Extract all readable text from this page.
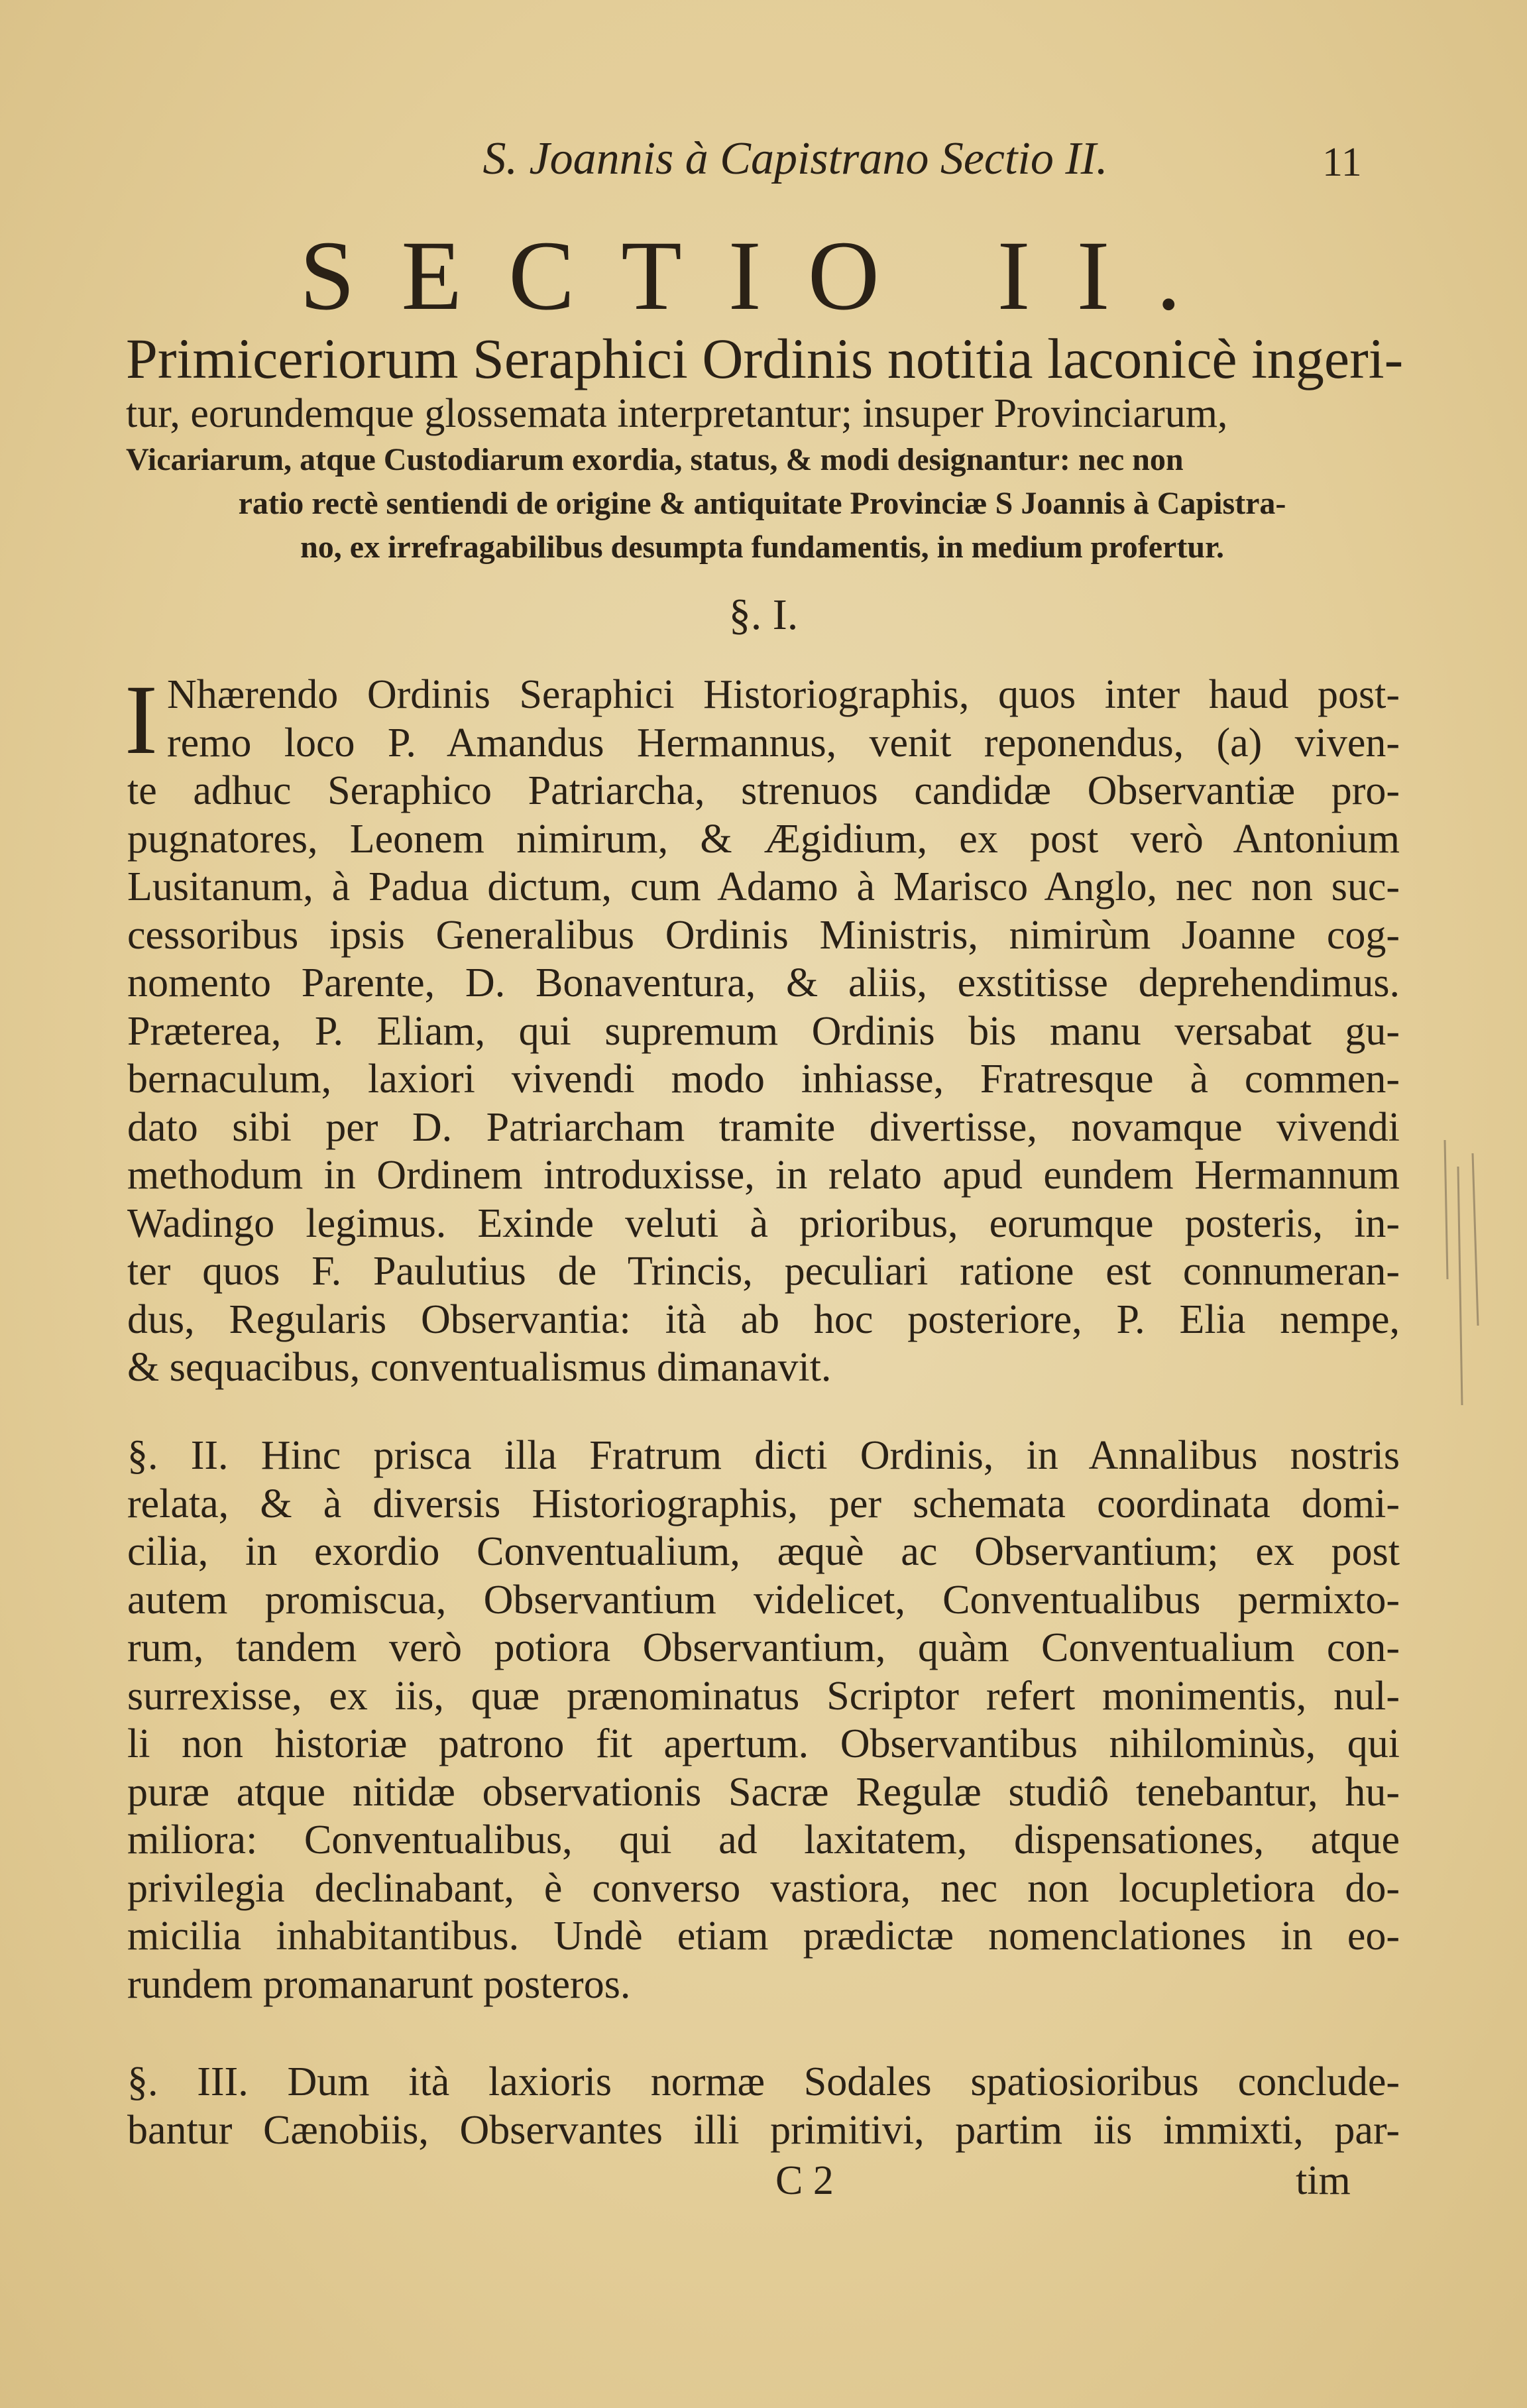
S. Joannis à Capistrano Sectio II.	11
SECTIO II.
Primiceriorum Seraphici Ordinis notitia laconicè ingeri-
tur, eorundemque glossemata interpretantur; insuper Provinciarum,
Vicariarum, atque Custodiarum exordia, status, & modi designantur: nec non
ratio rectè sentiendi de origine & antiquitate Provinciæ S Joannis à Capistra-
no, ex irrefragabilibus desumpta fundamentis, in medium profertur.
§. I.
I Nhærendo Ordinis Seraphici Historiographis, quos inter haud post-
remo loco P. Amandus Hermannus, venit reponendus, (a) viven-
te adhuc Seraphico Patriarcha, strenuos candidæ Observantiæ pro-
pugnatores, Leonem nimirum, & Ægidium, ex post verò Antonium
Lusitanum, à Padua dictum, cum Adamo à Marisco Anglo, nec non suc-
cessoribus ipsis Generalibus Ordinis Ministris, nimirùm Joanne cog-
nomento Parente, D. Bonaventura, & aliis, exstitisse deprehendimus.
Præterea, P. Eliam, qui supremum Ordinis bis manu versabat gu-
bernaculum, laxiori vivendi modo inhiasse, Fratresque à commen-
dato sibi per D. Patriarcham tramite divertisse, novamque vivendi
methodum in Ordinem introduxisse, in relato apud eundem Hermannum
Wadingo legimus. Exinde veluti à prioribus, eorumque posteris, in-
ter quos F. Paulutius de Trincis, peculiari ratione est connumeran-
dus, Regularis Observantia: ità ab hoc posteriore, P. Elia nempe,
& sequacibus, conventualismus dimanavit.
§. II. Hinc prisca illa Fratrum dicti Ordinis, in Annalibus nostris
relata, & à diversis Historiographis, per schemata coordinata domi-
cilia, in exordio Conventualium, æquè ac Observantium; ex post
autem promiscua, Observantium videlicet, Conventualibus permixto-
rum, tandem verò potiora Observantium, quàm Conventualium con-
surrexisse, ex iis, quæ prænominatus Scriptor refert monimentis, nul-
li non historiæ patrono fit apertum. Observantibus nihilominùs, qui
puræ atque nitidæ observationis Sacræ Regulæ studiô tenebantur, hu-
miliora: Conventualibus, qui ad laxitatem, dispensationes, atque
privilegia declinabant, è converso vastiora, nec non locupletiora do-
micilia inhabitantibus. Undè etiam prædictæ nomenclationes in eo-
rundem promanarunt posteros.
§. III. Dum ità laxioris normæ Sodales spatiosioribus conclude-
bantur Cænobiis, Observantes illi primitivi, partim iis immixti, par-
C 2	tim
